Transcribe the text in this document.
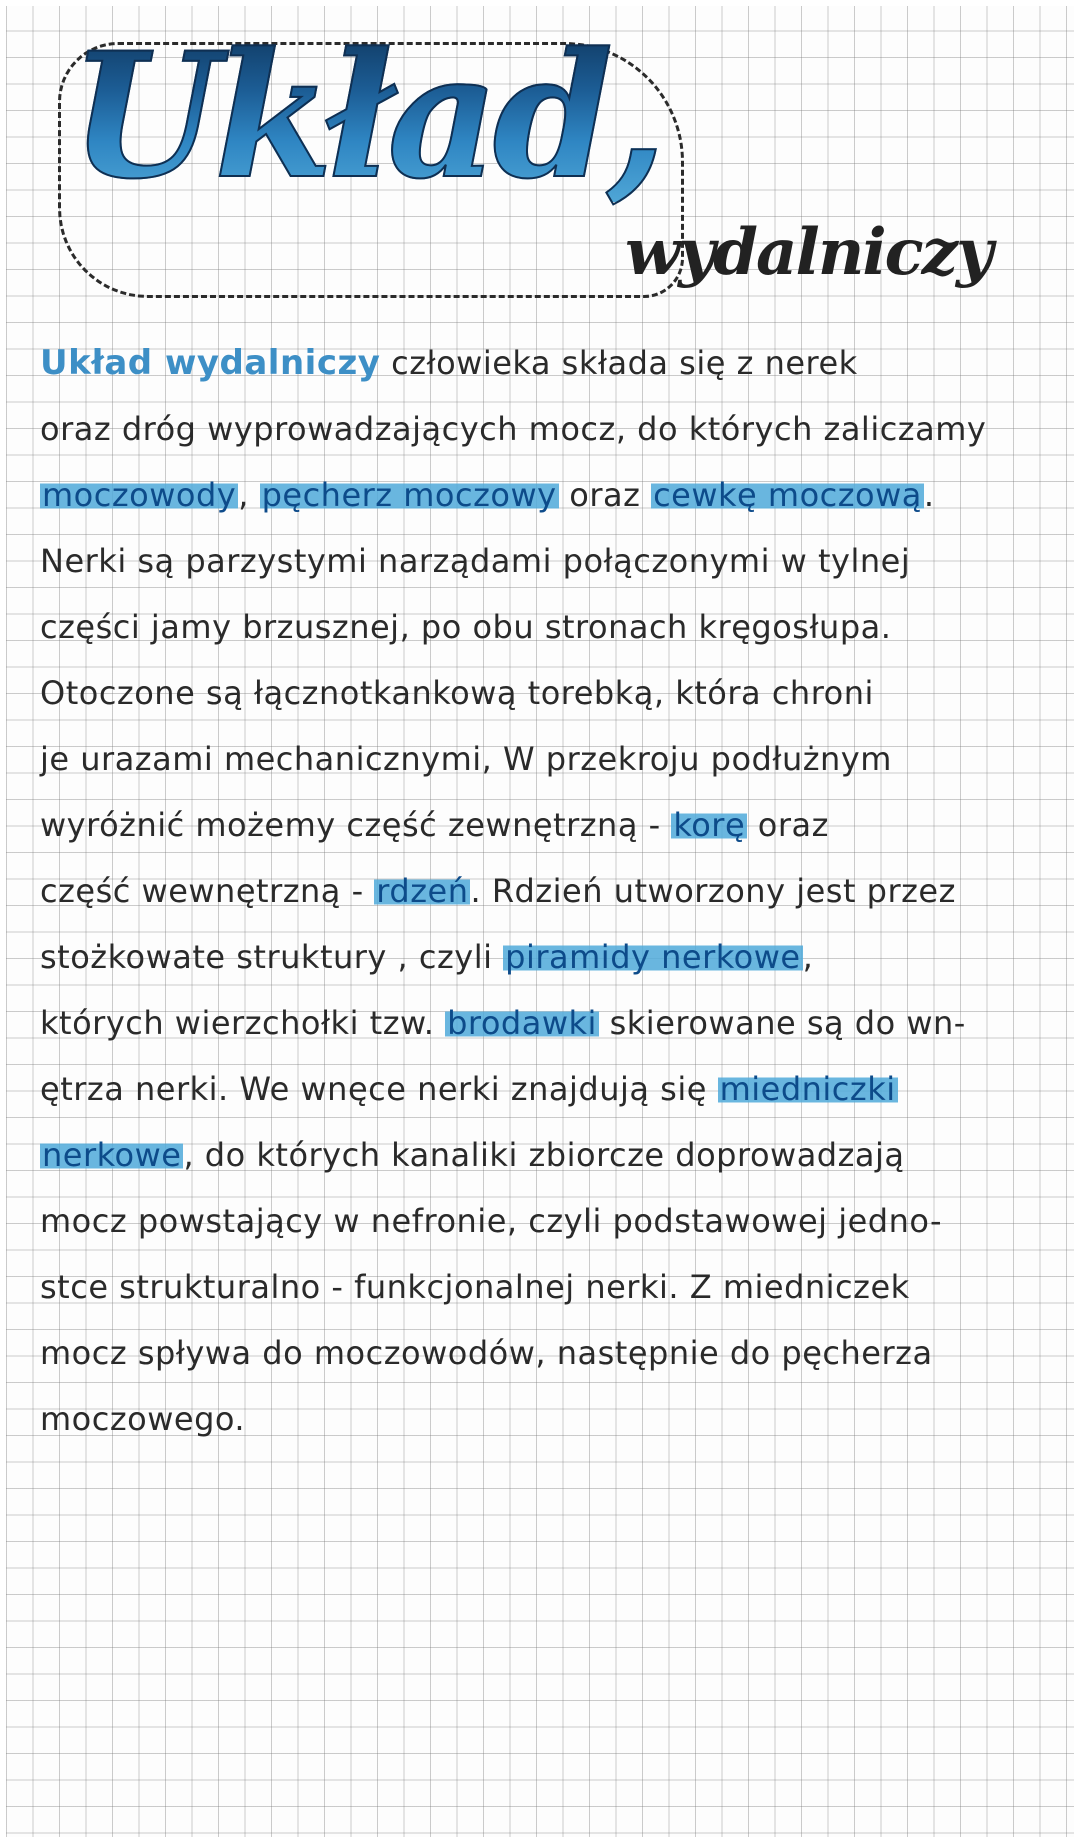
Układ,
wydalniczy
Układ wydalniczy człowieka składa się z nerek
oraz dróg wyprowadzających mocz, do których zaliczamy
moczowody, pęcherz moczowy oraz cewkę moczową.
Nerki są parzystymi narządami połączonymi w tylnej
części jamy brzusznej, po obu stronach kręgosłupa.
Otoczone są łącznotkankową torebką, która chroni
je urazami mechanicznymi, W przekroju podłużnym
wyróżnić możemy część zewnętrzną - korę oraz
część wewnętrzną - rdzeń. Rdzień utworzony jest przez
stożkowate struktury , czyli piramidy nerkowe,
których wierzchołki tzw. brodawki skierowane są do wn-
ętrza nerki. We wnęce nerki znajdują się miedniczki
nerkowe, do których kanaliki zbiorcze doprowadzają
mocz powstający w nefronie, czyli podstawowej jedno-
stce strukturalno - funkcjonalnej nerki. Z miedniczek
mocz spływa do moczowodów, następnie do pęcherza
moczowego.
